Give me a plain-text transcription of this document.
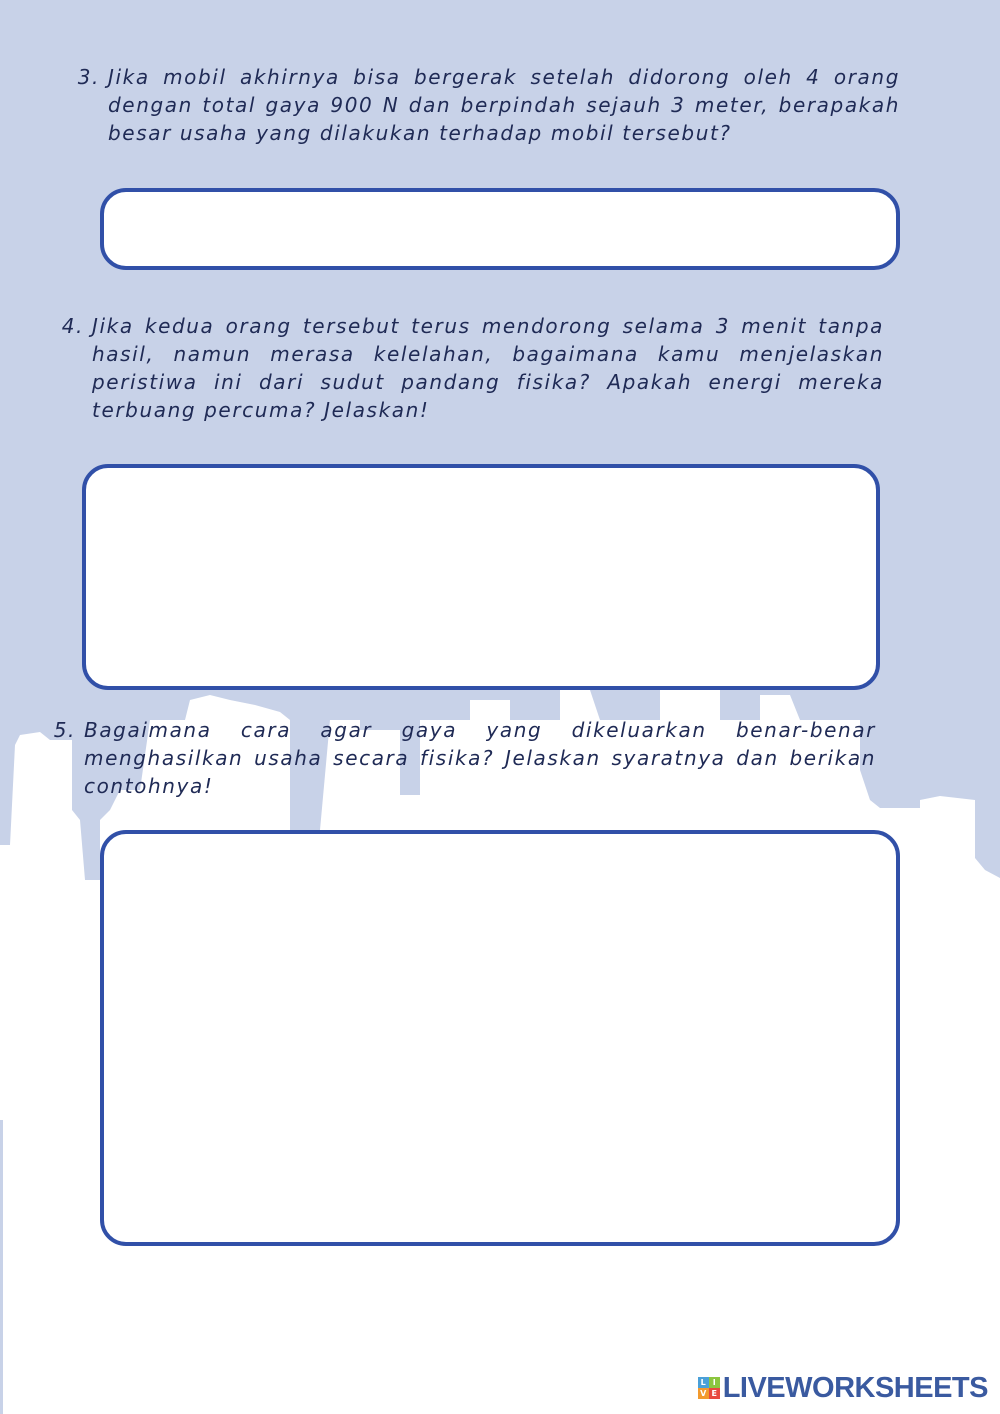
3. Jika mobil akhirnya bisa bergerak setelah didorong oleh 4 orang dengan total gaya 900 N dan berpindah sejauh 3 meter, berapakah besar usaha yang dilakukan terhadap mobil tersebut?
4. Jika kedua orang tersebut terus mendorong selama 3 menit tanpa hasil, namun merasa kelelahan, bagaimana kamu menjelaskan peristiwa ini dari sudut pandang fisika? Apakah energi mereka terbuang percuma? Jelaskan!
5. Bagaimana cara agar gaya yang dikeluarkan benar-benar menghasilkan usaha secara fisika? Jelaskan syaratnya dan berikan contohnya!
L I
V E LIVEWORKSHEETS
